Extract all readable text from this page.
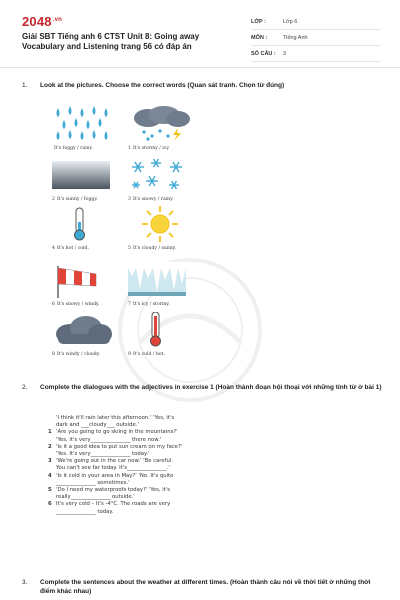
$2048^{.vn}$
Giải SBT Tiếng anh 6 CTST Unit 8: Going away Vocabulary and Listening trang 56 có đáp án
LỚP :	Lớp 6
MÔN :	Tiếng Anh
SỐ CÂU :	3
1.	Look at the pictures. Choose the correct words (Quan sát tranh. Chọn từ đúng)
It's foggy / rainy.	1 It's stormy / icy.
2 It's sunny / foggy.	3 It's snowy / rainy.
4 It's hot / cold.	5 It's cloudy / sunny.
6 It's snowy / windy.	7 It's icy / stormy.
8 It's windy / cloudy.	9 It's cold / hot.
2.	Complete the dialogues with the adjectives in exercise 1 (Hoàn thành đoạn hội thoại với những tính từ ở bài 1)
'I think it'll rain later this afternoon.' 'Yes, it's
dark and ___cloudy___ outside.'
1 'Are you going to go skiing in the mountains?'
'Yes, it's very_______________ there now.'
2 'Is it a good idea to put sun cream on my face?'
'Yes. It's very_______________ today.'
3 'We're going out in the car now.' 'Be careful.
You can't see far today. It's_______________.'
4 'Is it cold in your area in May?' 'No. It's quite
_______________ sometimes.'
5 'Do I need my waterproofs today?' 'Yes, it's
really_______________ outside.'
6 It's very cold – It's -4°C. The roads are very
_______________ today.
3.	Complete the sentences about the weather at different times. (Hoàn thành câu nói về thời tiết ở những thời điểm khác nhau)
